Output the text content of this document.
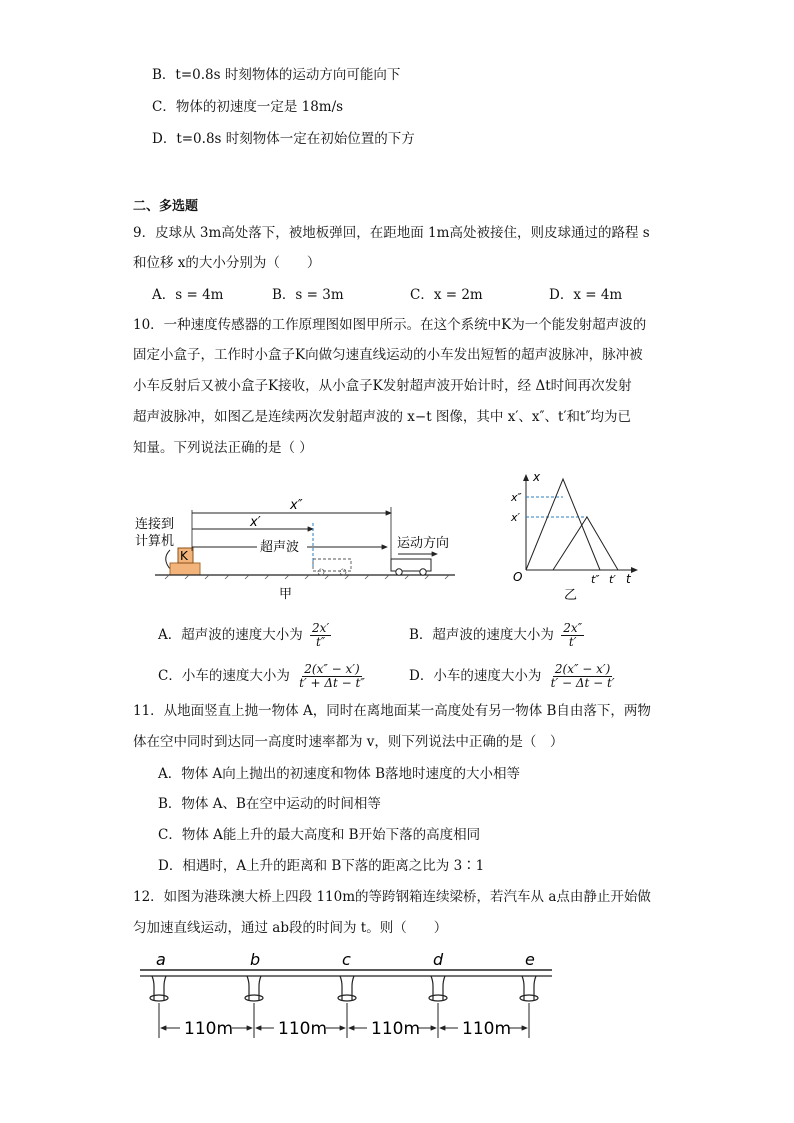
B．t=0.8s 时刻物体的运动方向可能向下
C．物体的初速度一定是 18m/s
D．t=0.8s 时刻物体一定在初始位置的下方
二、多选题
9．皮球从 3m高处落下，被地板弹回，在距地面 1m高处被接住，则皮球通过的路程 s
和位移 x的大小分别为（　　）
A．s = 4m	B．s = 3m	C．x = 2m	D．x = 4m
10．一种速度传感器的工作原理图如图甲所示。在这个系统中K为一个能发射超声波的
固定小盒子，工作时小盒子K向做匀速直线运动的小车发出短暂的超声波脉冲，脉冲被
小车反射后又被小盒子K接收，从小盒子K发射超声波开始计时，经 Δt时间再次发射
超声波脉冲，如图乙是连续两次发射超声波的 x−t 图像，其中 x′、x″、t′和t″均为已
知量。下列说法正确的是（ ）
连接到
计算机
K
x″
x′
超声波	运动方向
甲
x
t
O
x″
x′
t″ t′
乙
A．超声波的速度大小为 $\frac{2x'}{t''}$	B．超声波的速度大小为 $\frac{2x''}{t'}$
C．小车的速度大小为 $\frac{2(x'' - x')}{t' + \Delta t - t''}$	D．小车的速度大小为 $\frac{2(x'' - x')}{t' - \Delta t - t'}$
11．从地面竖直上抛一物体 A，同时在离地面某一高度处有另一物体 B自由落下，两物
体在空中同时到达同一高度时速率都为 v，则下列说法中正确的是（　）
A．物体 A向上抛出的初速度和物体 B落地时速度的大小相等
B．物体 A、B在空中运动的时间相等
C．物体 A能上升的最大高度和 B开始下落的高度相同
D．相遇时，A上升的距离和 B下落的距离之比为 3∶1
12．如图为港珠澳大桥上四段 110m的等跨钢箱连续梁桥，若汽车从 a点由静止开始做
匀加速直线运动，通过 ab段的时间为 t。则（　　）
a	b	c	d	e
110m	110m	110m 110m
